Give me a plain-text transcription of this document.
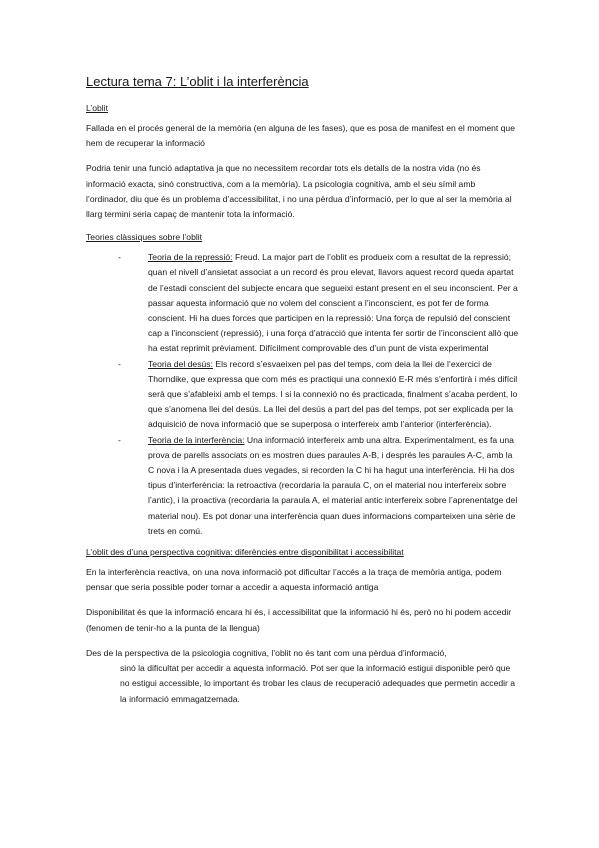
Lectura tema 7: L’oblit i la interferència
L’oblit

Fallada en el procés general de la memòria (en alguna de les fases), que es posa de manifest en el moment que hem de recuperar la informació

Podria tenir una funció adaptativa ja que no necessitem recordar tots els detalls de la nostra vida (no és informació exacta, sinó constructiva, com a la memòria). La psicologia cognitiva, amb el seu símil amb l’ordinador, diu que és un problema d’accessibilitat, i no una pèrdua d’informació, per lo que al ser la memòria al llarg termini seria capaç de mantenir tota la informació.

Teories clàssiques sobre l’oblit
-	Teoria de la repressió: Freud. La major part de l’oblit es produeix com a resultat de la repressió; quan el nivell d’ansietat associat a un record és prou elevat, llavors aquest record queda apartat de l’estadi conscient del subjecte encara que segueixi estant present en el seu inconscient. Per a passar aquesta informació que no volem del conscient a l’inconscient, es pot fer de forma conscient. Hi ha dues forces que participen en la repressió: Una força de repulsió del conscient cap a l’inconscient (repressió), i una força d’atracció que intenta fer sortir de l’inconscient allò que ha estat reprimit prèviament. Difícilment comprovable des d’un punt de vista experimental
-	Teoria del desús: Els record s’esvaeixen pel pas del temps, com deia la llei de l’exercici de Thorndike, que expressa que com més es practiqui una connexió E-R més s’enfortirà i més difícil serà que s’afableixi amb el temps. I si la connexió no és practicada, finalment s’acaba perdent, lo que s’anomena llei del desús. La llei del desús a part del pas del temps, pot ser explicada per la adquisició de nova informació que se superposa o interfereix amb l’anterior (interferència).
-	Teoria de la interferència: Una informació interfereix amb una altra. Experimentalment, es fa una prova de parells associats on es mostren dues paraules A-B, i després les paraules A-C, amb la C nova i la A presentada dues vegades, si recorden la C hi ha hagut una interferència. Hi ha dos tipus d’interferència: la retroactiva (recordaria la paraula C, on el material nou interfereix sobre l’antic), i la proactiva (recordaria la paraula A, el material antic interfereix sobre l’aprenentatge del material nou). Es pot donar una interferència quan dues informacions comparteixen una sèrie de trets en comú.
L’oblit des d’una perspectiva cognitiva: diferències entre disponibilitat i accessibilitat

En la interferència reactiva, on una nova informació pot dificultar l’accés a la traça de memòria antiga, podem pensar que seria possible poder tornar a accedir a aquesta informació antiga

Disponibilitat és que la informació encara hi és, i accessibilitat que la informació hi és, però no hi podem accedir (fenomen de tenir-ho a la punta de la llengua)

Des de la perspectiva de la psicologia cognitiva, l’oblit no és tant com una pèrdua d’informació,

sinó la dificultat per accedir a aquesta informació. Pot ser que la informació estigui disponible però que no estigui accessible, lo important és trobar les claus de recuperació adequades que permetin accedir a la informació emmagatzemada.
